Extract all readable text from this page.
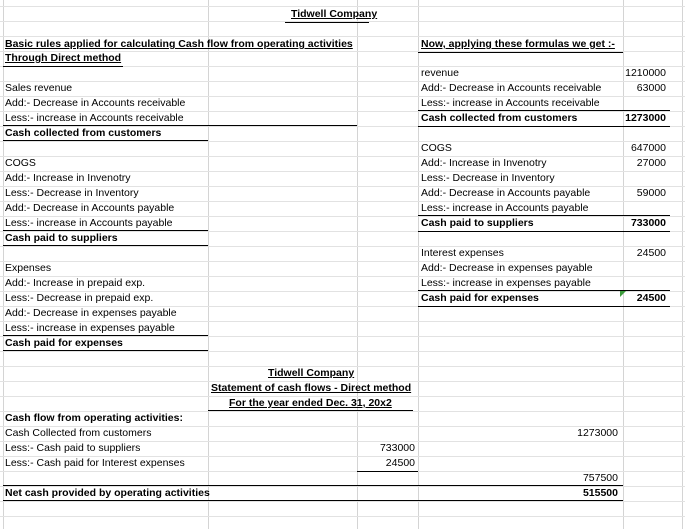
Tidwell Company
Basic rules applied for calculating Cash flow from operating activities
Through Direct method
Now, applying these formulas we get :-
Sales revenue
Add:- Decrease in Accounts receivable
Less:- increase in Accounts receivable
Cash collected from customers
COGS
Add:- Increase in Invenotry
Less:- Decrease in Inventory
Add:- Decrease in Accounts payable
Less:- increase in Accounts payable
Cash paid to suppliers
Expenses
Add:- Increase in prepaid exp.
Less:- Decrease in prepaid exp.
Add:- Decrease in expenses payable
Less:- increase in expenses payable
Cash paid for expenses
revenue	1210000
Add:- Decrease in Accounts receivable	63000
Less:- increase in Accounts receivable
Cash collected from customers	1273000
COGS	647000
Add:- Increase in Invenotry	27000
Less:- Decrease in Inventory
Add:- Decrease in Accounts payable	59000
Less:- increase in Accounts payable
Cash paid to suppliers	733000
Interest expenses	24500
Add:- Decrease in expenses payable
Less:- increase in expenses payable
Cash paid for expenses	24500
Tidwell Company
Statement of cash flows - Direct method
For the year ended Dec. 31, 20x2
Cash flow from operating activities:
Cash Collected from customers	1273000
Less:- Cash paid to suppliers	733000
Less:- Cash paid for Interest expenses	24500
757500
Net cash provided by operating activities	515500
